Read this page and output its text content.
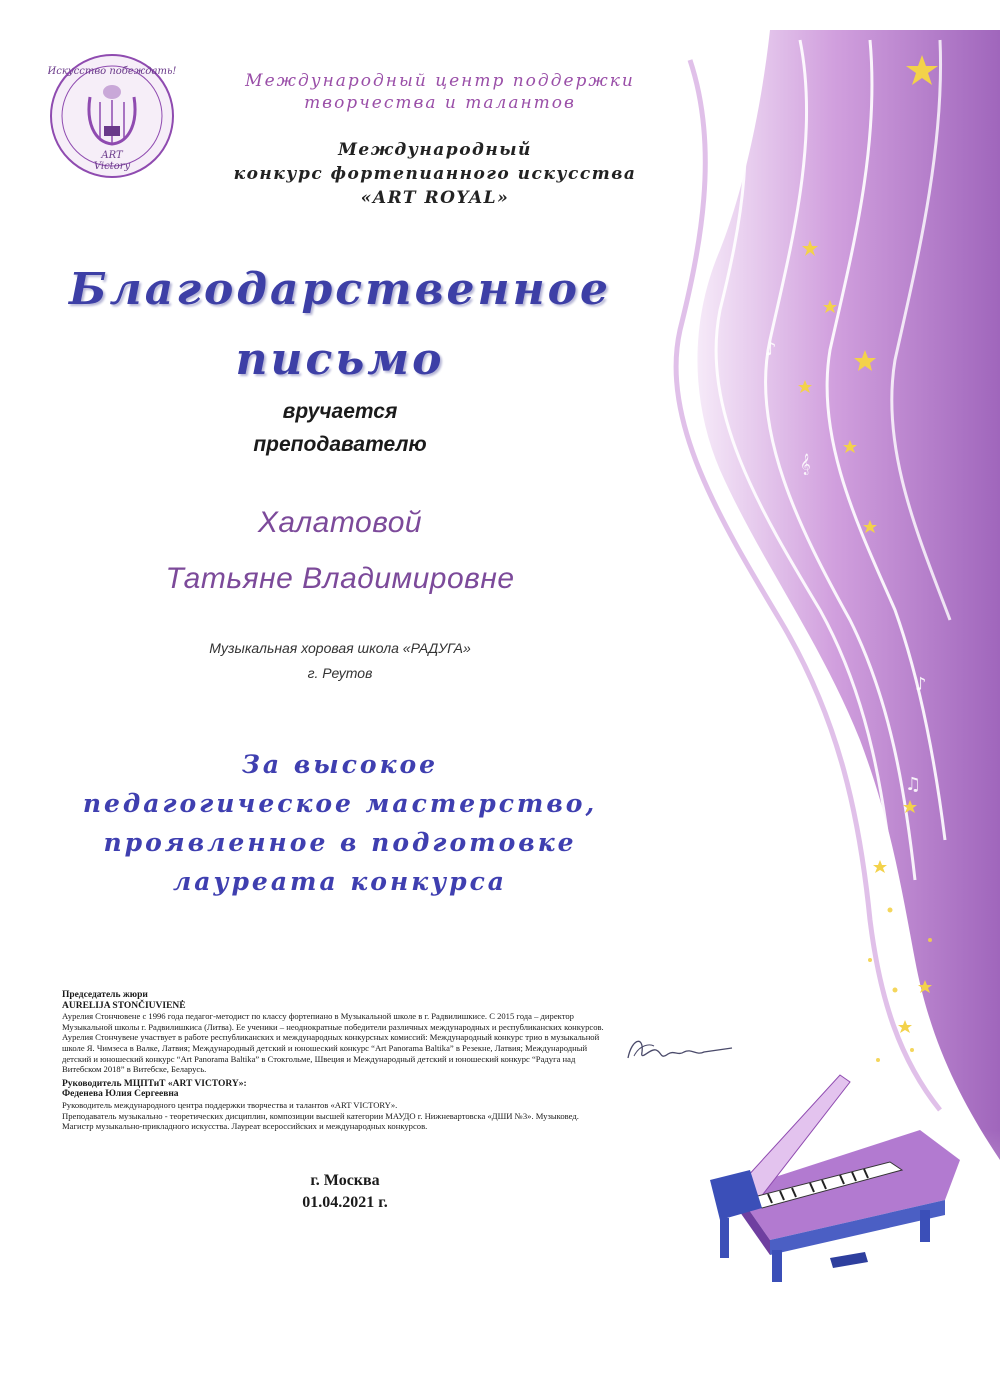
♪
𝄞
♪
♫
Искусство побеждать!
ART
Victory
Международный центр поддержки
творчества и талантов
Международный
конкурс фортепианного искусства
«ART ROYAL»
Благодарственное
письмо
вручается
преподавателю
Халатовой
Татьяне Владимировне
Музыкальная хоровая школа «РАДУГА»
г. Реутов
За высокое
педагогическое мастерство,
проявленное в подготовке
лауреата конкурса
Председатель жюри
AURELIJA STONČIUVIENĖ
Аурелия Стончювене с 1996 года педагог-методист по классу фортепиано в Музыкальной школе в г. Радвилишкисе. С 2015 года – директор
Музыкальной школы г. Радвилишкиса (Литва). Ее ученики – неоднократные победители различных международных и республиканских конкурсов.
Аурелия Стончувене участвует в работе республиканских и международных конкурсных комиссий: Международный конкурс трио в музыкальной
школе Я. Чимзеса в Валке, Латвия; Международный детский и юношеский конкурс “Art Panorama Baltika” в Резекне, Латвия; Международный
детский и юношеский конкурс “Art Panorama Baltika” в Стокгольме, Швеция и Международный детский и юношеский конкурс “Радуга над
Витебском 2018” в Витебске, Беларусь.
Руководитель МЦПТиТ «ART VICTORY»:
Феденева Юлия Сергеевна
Руководитель международного центра поддержки творчества и талантов «ART VICTORY».
Преподаватель музыкально - теоретических дисциплин, композиции высшей категории МАУДО г. Нижневартовска «ДШИ №3». Музыковед.
Магистр музыкально-прикладного искусства. Лауреат всероссийских и международных конкурсов.
г. Москва
01.04.2021 г.
